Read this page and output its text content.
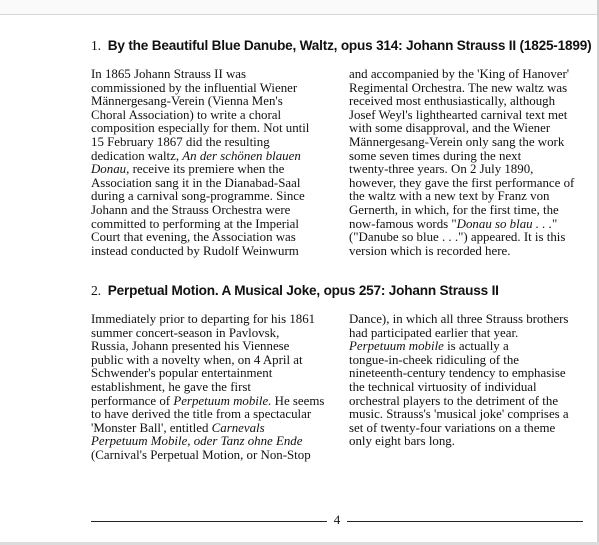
1. By the Beautiful Blue Danube, Waltz, opus 314: Johann Strauss II (1825-1899)
In 1865 Johann Strauss II was
commissioned by the influential Wiener
Männergesang-Verein (Vienna Men's
Choral Association) to write a choral
composition especially for them. Not until
15 February 1867 did the resulting
dedication waltz, An der schönen blauen
Donau, receive its premiere when the
Association sang it in the Dianabad-Saal
during a carnival song-programme. Since
Johann and the Strauss Orchestra were
committed to performing at the Imperial
Court that evening, the Association was
instead conducted by Rudolf Weinwurm
and accompanied by the 'King of Hanover'
Regimental Orchestra. The new waltz was
received most enthusiastically, although
Josef Weyl's lighthearted carnival text met
with some disapproval, and the Wiener
Männergesang-Verein only sang the work
some seven times during the next
twenty-three years. On 2 July 1890,
however, they gave the first performance of
the waltz with a new text by Franz von
Gernerth, in which, for the first time, the
now-famous words "Donau so blau . . ."
("Danube so blue . . .") appeared. It is this
version which is recorded here.
2. Perpetual Motion. A Musical Joke, opus 257: Johann Strauss II
Immediately prior to departing for his 1861
summer concert-season in Pavlovsk,
Russia, Johann presented his Viennese
public with a novelty when, on 4 April at
Schwender's popular entertainment
establishment, he gave the first
performance of Perpetuum mobile. He seems
to have derived the title from a spectacular
'Monster Ball', entitled Carnevals
Perpetuum Mobile, oder Tanz ohne Ende
(Carnival's Perpetual Motion, or Non-Stop
Dance), in which all three Strauss brothers
had participated earlier that year.
Perpetuum mobile is actually a
tongue-in-cheek ridiculing of the
nineteenth-century tendency to emphasise
the technical virtuosity of individual
orchestral players to the detriment of the
music. Strauss's 'musical joke' comprises a
set of twenty-four variations on a theme
only eight bars long.
4
